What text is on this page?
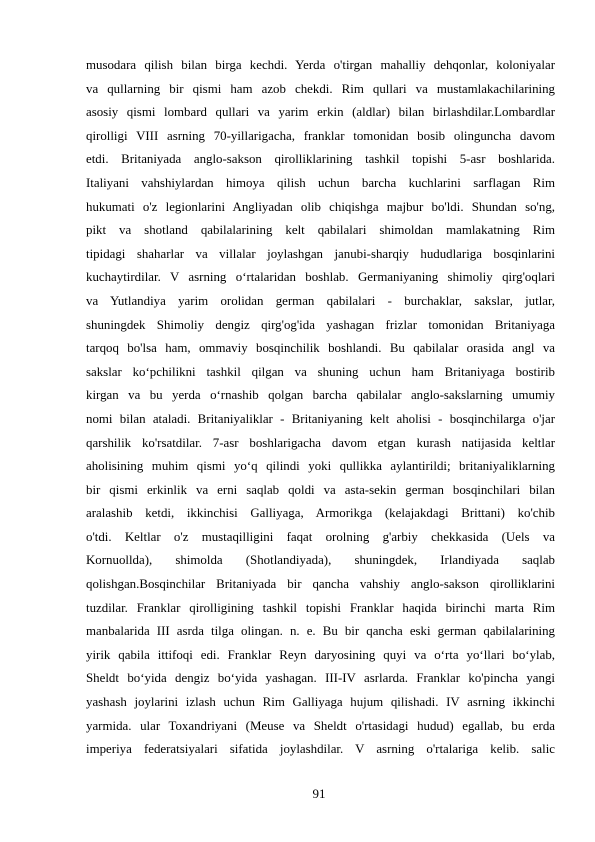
musodara qilish bilan birga kechdi. Yerda o'tirgan mahalliy dehqonlar, koloniyalar
va qullarning bir qismi ham azob chekdi. Rim qullari va mustamlakachilarining
asosiy qismi lombard qullari va yarim erkin (aldlar) bilan birlashdilar.Lombardlar
qirolligi VIII asrning 70-yillarigacha, franklar tomonidan bosib olinguncha davom
etdi. Britaniyada anglo-sakson qirolliklarining tashkil topishi 5-asr boshlarida.
Italiyani vahshiylardan himoya qilish uchun barcha kuchlarini sarflagan Rim
hukumati o'z legionlarini Angliyadan olib chiqishga majbur bo'ldi. Shundan so'ng,
pikt va shotland qabilalarining kelt qabilalari shimoldan mamlakatning Rim
tipidagi shaharlar va villalar joylashgan janubi-sharqiy hududlariga bosqinlarini
kuchaytirdilar. V asrning o‘rtalaridan boshlab. Germaniyaning shimoliy qirg'oqlari
va Yutlandiya yarim orolidan german qabilalari - burchaklar, sakslar, jutlar,
shuningdek Shimoliy dengiz qirg'og'ida yashagan frizlar tomonidan Britaniyaga
tarqoq bo'lsa ham, ommaviy bosqinchilik boshlandi. Bu qabilalar orasida angl va
sakslar ko‘pchilikni tashkil qilgan va shuning uchun ham Britaniyaga bostirib
kirgan va bu yerda o‘rnashib qolgan barcha qabilalar anglo-sakslarning umumiy
nomi bilan ataladi. Britaniyaliklar - Britaniyaning kelt aholisi - bosqinchilarga o'jar
qarshilik ko'rsatdilar. 7-asr boshlarigacha davom etgan kurash natijasida keltlar
aholisining muhim qismi yo‘q qilindi yoki qullikka aylantirildi; britaniyaliklarning
bir qismi erkinlik va erni saqlab qoldi va asta-sekin german bosqinchilari bilan
aralashib ketdi, ikkinchisi Galliyaga, Armorikga (kelajakdagi Brittani) ko'chib
o'tdi. Keltlar o'z mustaqilligini faqat orolning g'arbiy chekkasida (Uels va
Kornuollda), shimolda (Shotlandiyada), shuningdek, Irlandiyada saqlab
qolishgan.Bosqinchilar Britaniyada bir qancha vahshiy anglo-sakson qirolliklarini
tuzdilar. Franklar qirolligining tashkil topishi Franklar haqida birinchi marta Rim
manbalarida III asrda tilga olingan. n. e. Bu bir qancha eski german qabilalarining
yirik qabila ittifoqi edi. Franklar Reyn daryosining quyi va o‘rta yo‘llari bo‘ylab,
Sheldt bo‘yida dengiz bo‘yida yashagan. III-IV asrlarda. Franklar ko'pincha yangi
yashash joylarini izlash uchun Rim Galliyaga hujum qilishadi. IV asrning ikkinchi
yarmida. ular Toxandriyani (Meuse va Sheldt o'rtasidagi hudud) egallab, bu erda
imperiya federatsiyalari sifatida joylashdilar. V asrning o'rtalariga kelib. salic
91
